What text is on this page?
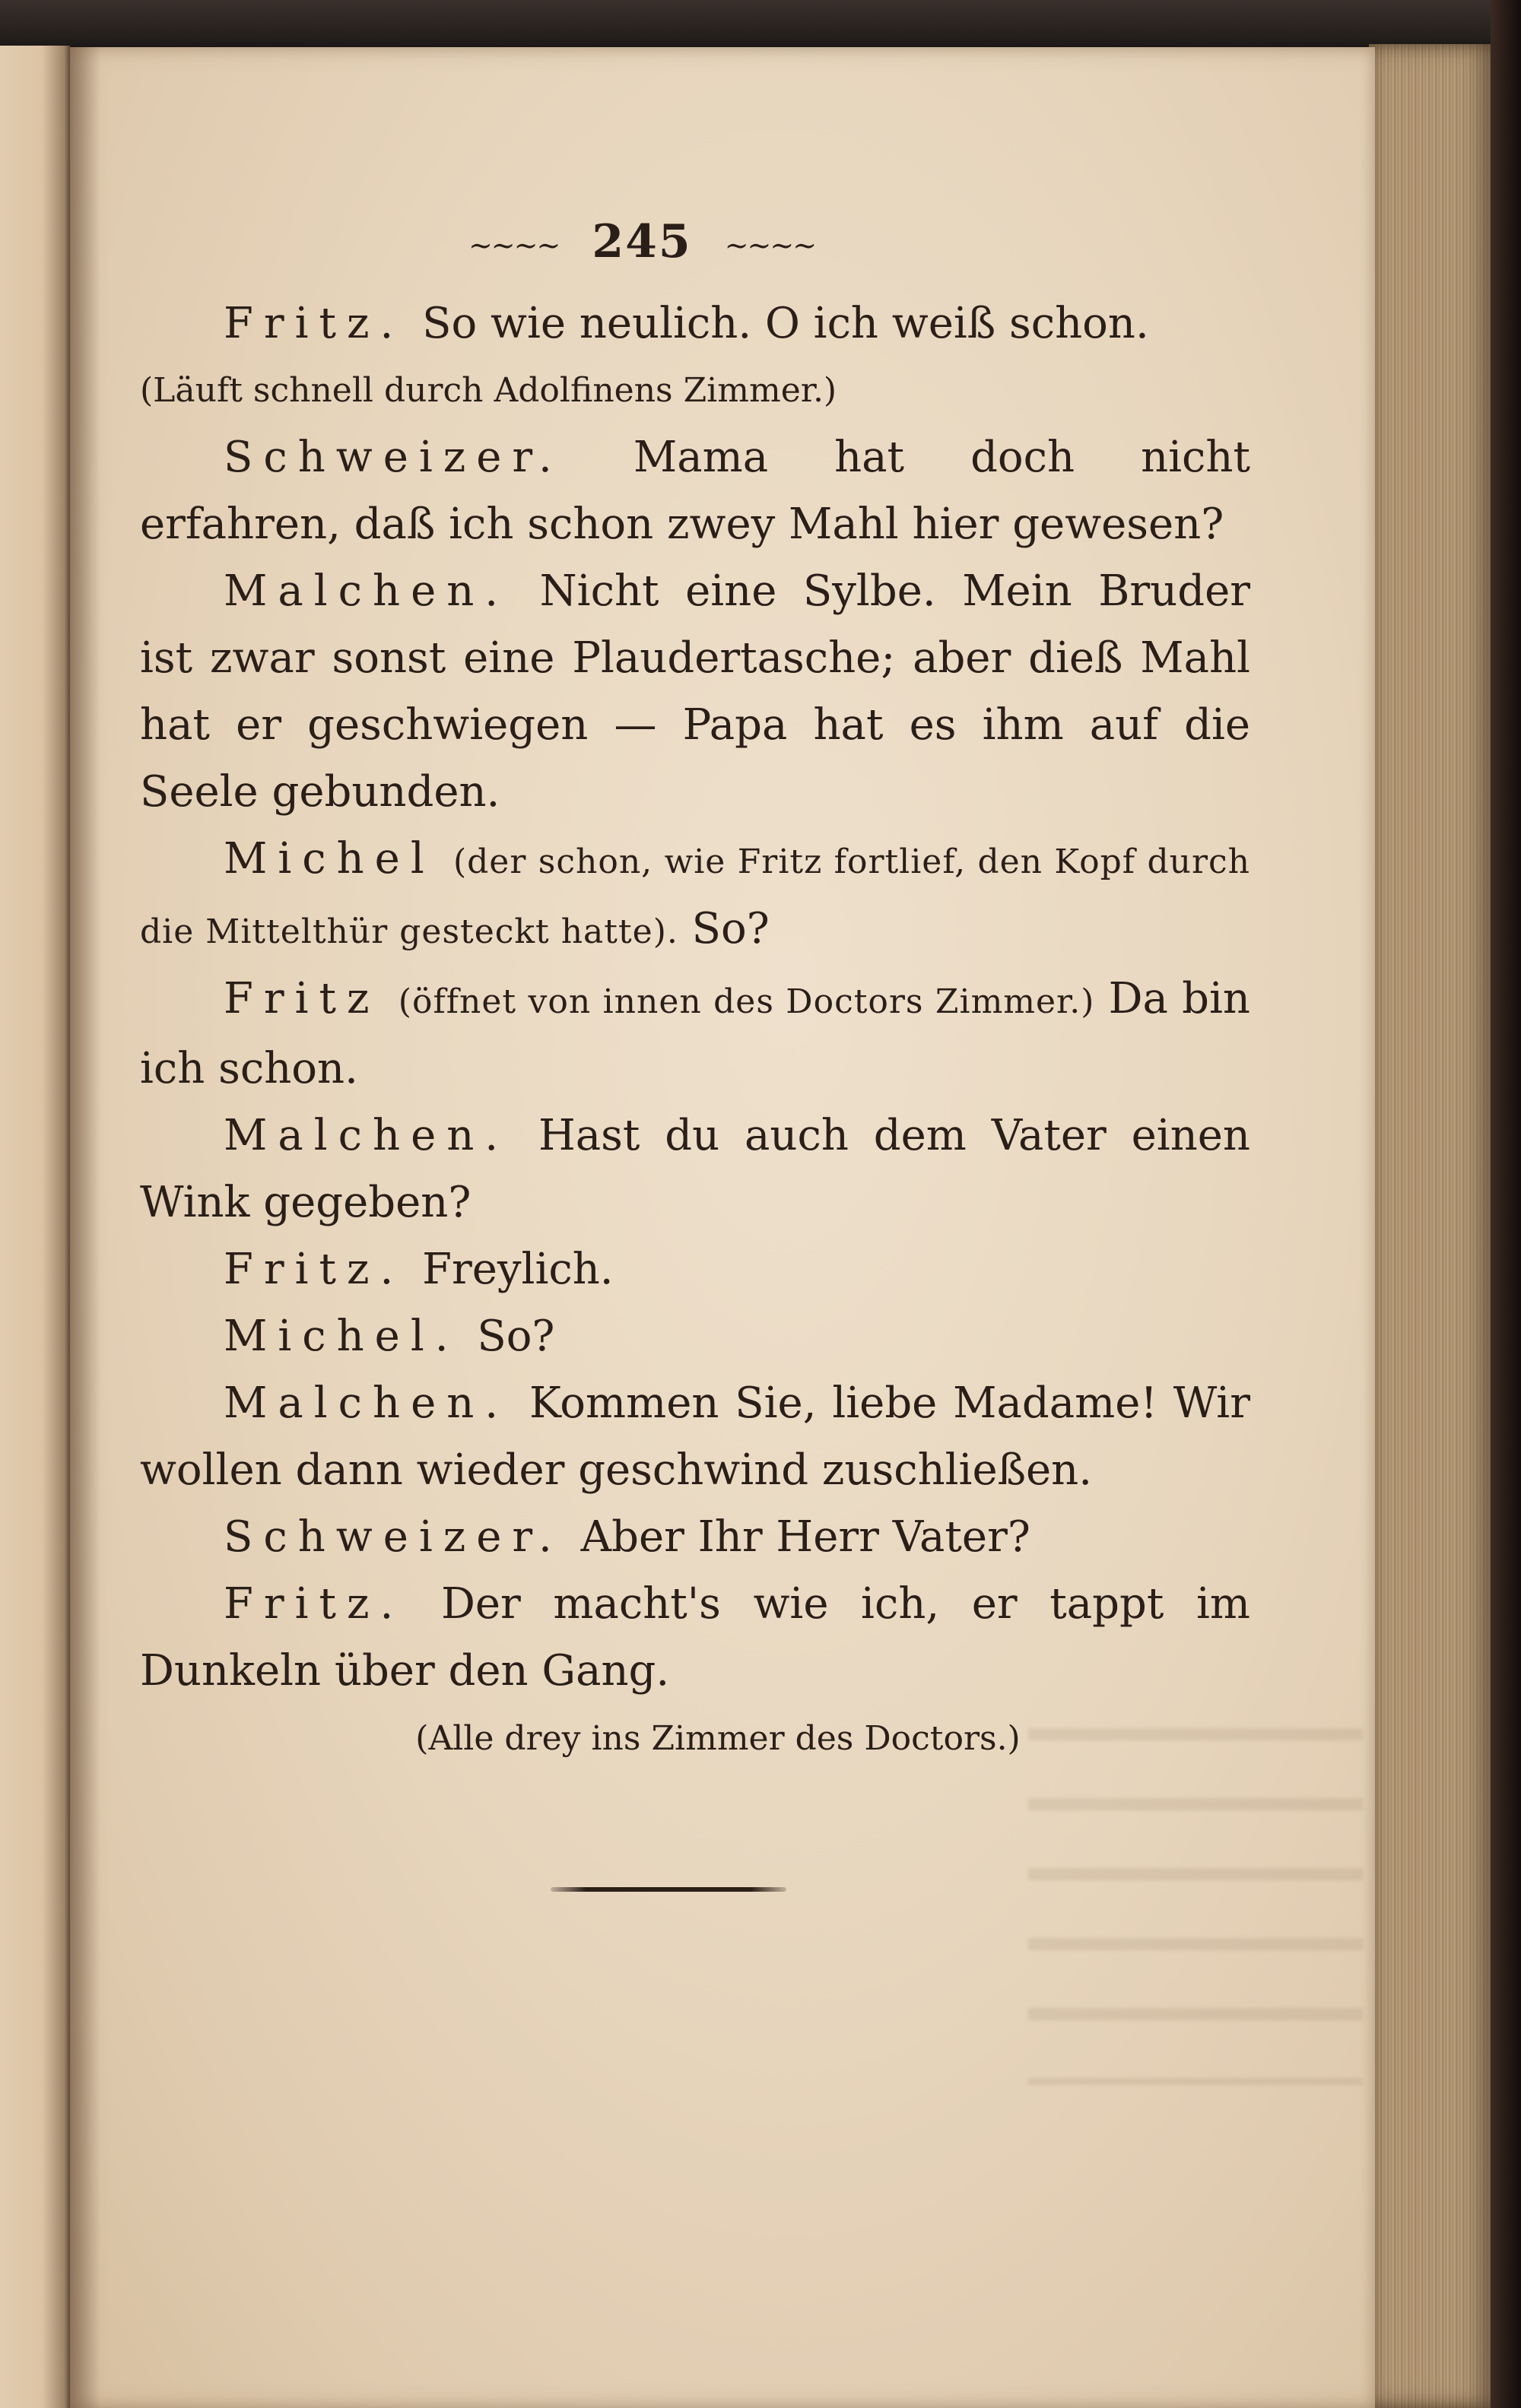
~~~~ 245 ~~~~

Fritz. So wie neulich. O ich weiß schon.

(Läuft schnell durch Adolfinens Zimmer.)

Schweizer. Mama hat doch nicht erfahren, daß ich schon zwey Mahl hier gewesen?

Malchen. Nicht eine Sylbe. Mein Bruder ist zwar sonst eine Plaudertasche; aber dieß Mahl hat er geschwiegen — Papa hat es ihm auf die Seele gebunden.

Michel (der schon, wie Fritz fortlief, den Kopf durch die Mittelthür gesteckt hatte). So?

Fritz (öffnet von innen des Doctors Zimmer.) Da bin ich schon.

Malchen. Hast du auch dem Vater einen Wink gegeben?

Fritz. Freylich.

Michel. So?

Malchen. Kommen Sie, liebe Madame! Wir wollen dann wieder geschwind zuschließen.

Schweizer. Aber Ihr Herr Vater?

Fritz. Der macht's wie ich, er tappt im Dunkeln über den Gang.

(Alle drey ins Zimmer des Doctors.)
